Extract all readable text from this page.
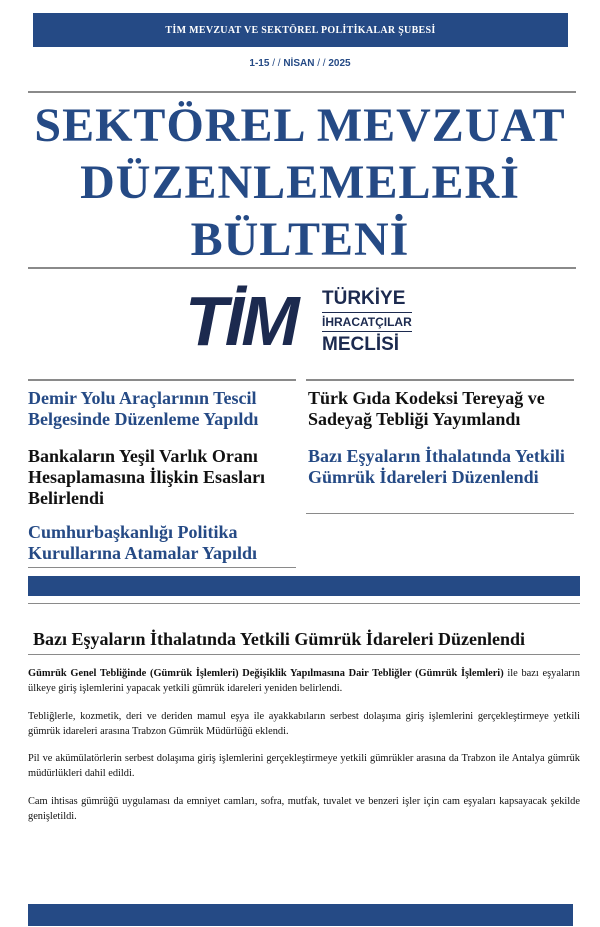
TİM MEVZUAT VE SEKTÖREL POLİTİKALAR ŞUBESİ
1-15 / / NİSAN / / 2025
SEKTÖREL MEVZUAT
DÜZENLEMELERİ
BÜLTENİ
TİM TÜRKİYE
İHRACATÇILAR
MECLİSİ
Demir Yolu Araçlarının Tescil Belgesinde Düzenleme Yapıldı
Bankaların Yeşil Varlık Oranı Hesaplamasına İlişkin Esasları Belirlendi
Cumhurbaşkanlığı Politika Kurullarına Atamalar Yapıldı
Türk Gıda Kodeksi Tereyağ ve Sadeyağ Tebliği Yayımlandı
Bazı Eşyaların İthalatında Yetkili Gümrük İdareleri Düzenlendi
Bazı Eşyaların İthalatında Yetkili Gümrük İdareleri Düzenlendi
Gümrük Genel Tebliğinde (Gümrük İşlemleri) Değişiklik Yapılmasına Dair Tebliğler (Gümrük İşlemleri) ile bazı eşyaların ülkeye giriş işlemlerini yapacak yetkili gümrük idareleri yeniden belirlendi.
Tebliğlerle, kozmetik, deri ve deriden mamul eşya ile ayakkabıların serbest dolaşıma giriş işlemlerini gerçekleştirmeye yetkili gümrük idareleri arasına Trabzon Gümrük Müdürlüğü eklendi.
Pil ve akümülatörlerin serbest dolaşıma giriş işlemlerini gerçekleştirmeye yetkili gümrükler arasına da Trabzon ile Antalya gümrük müdürlükleri dahil edildi.
Cam ihtisas gümrüğü uygulaması da emniyet camları, sofra, mutfak, tuvalet ve benzeri işler için cam eşyaları kapsayacak şekilde genişletildi.
